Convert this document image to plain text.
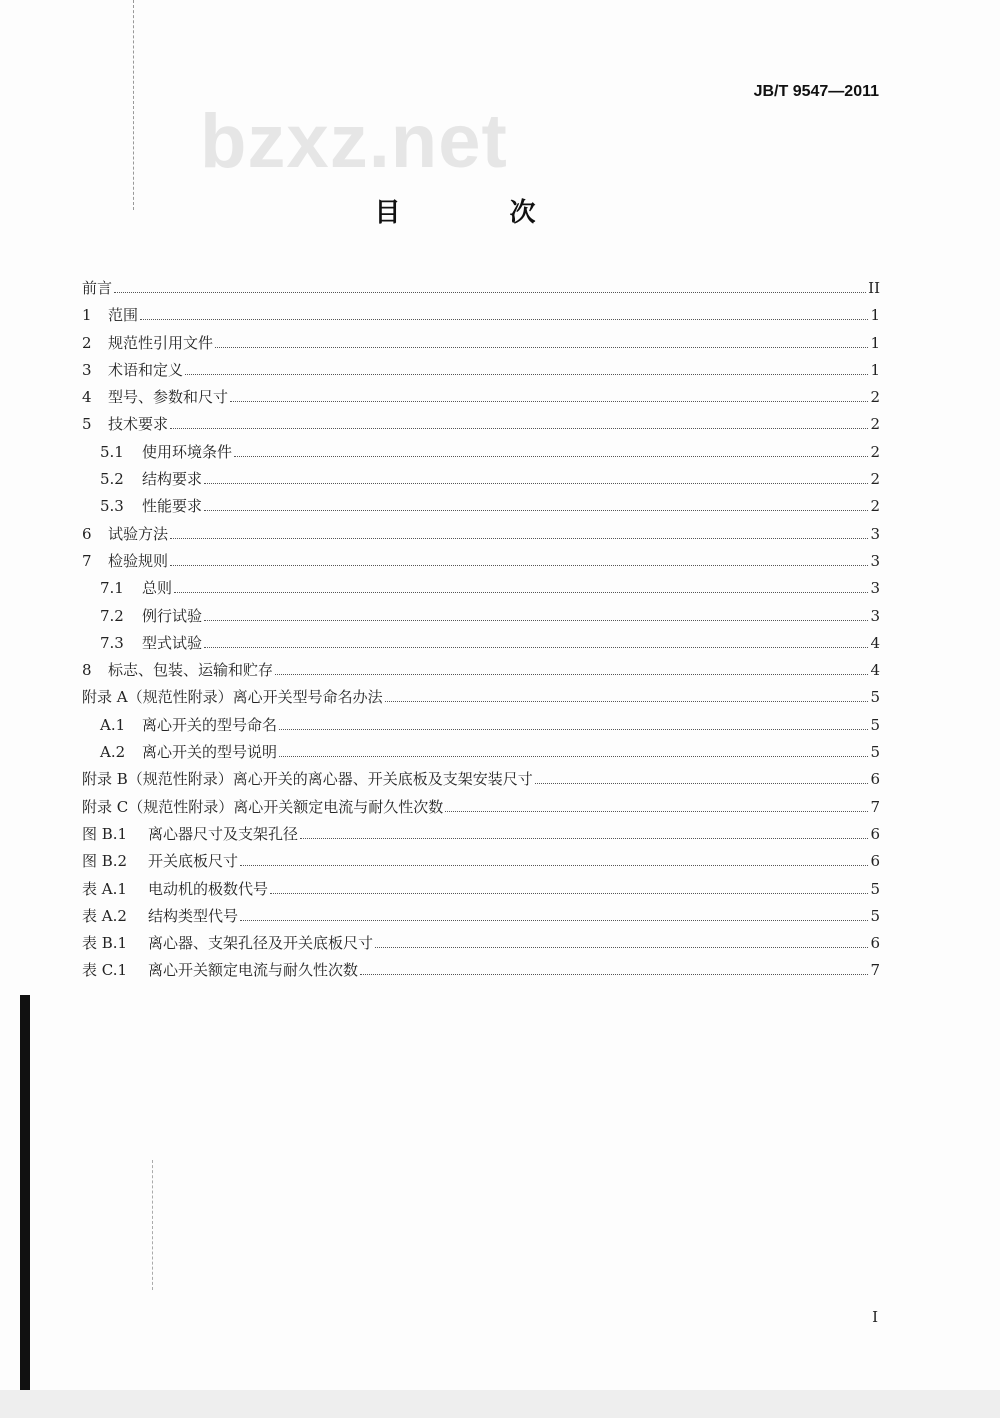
JB/T 9547—2011
bzxz.net
目 次
前言	II
1	范围	1
2	规范性引用文件	1
3	术语和定义	1
4	型号、参数和尺寸	2
5	技术要求	2
5.1	使用环境条件	2
5.2	结构要求	2
5.3	性能要求	2
6	试验方法	3
7	检验规则	3
7.1	总则	3
7.2	例行试验	3
7.3	型式试验	4
8	标志、包装、运输和贮存	4
附录 A（规范性附录）离心开关型号命名办法	5
A.1	离心开关的型号命名	5
A.2	离心开关的型号说明	5
附录 B（规范性附录）离心开关的离心器、开关底板及支架安装尺寸	6
附录 C（规范性附录）离心开关额定电流与耐久性次数	7
图 B.1	离心器尺寸及支架孔径	6
图 B.2	开关底板尺寸	6
表 A.1	电动机的极数代号	5
表 A.2	结构类型代号	5
表 B.1	离心器、支架孔径及开关底板尺寸	6
表 C.1	离心开关额定电流与耐久性次数	7
I
